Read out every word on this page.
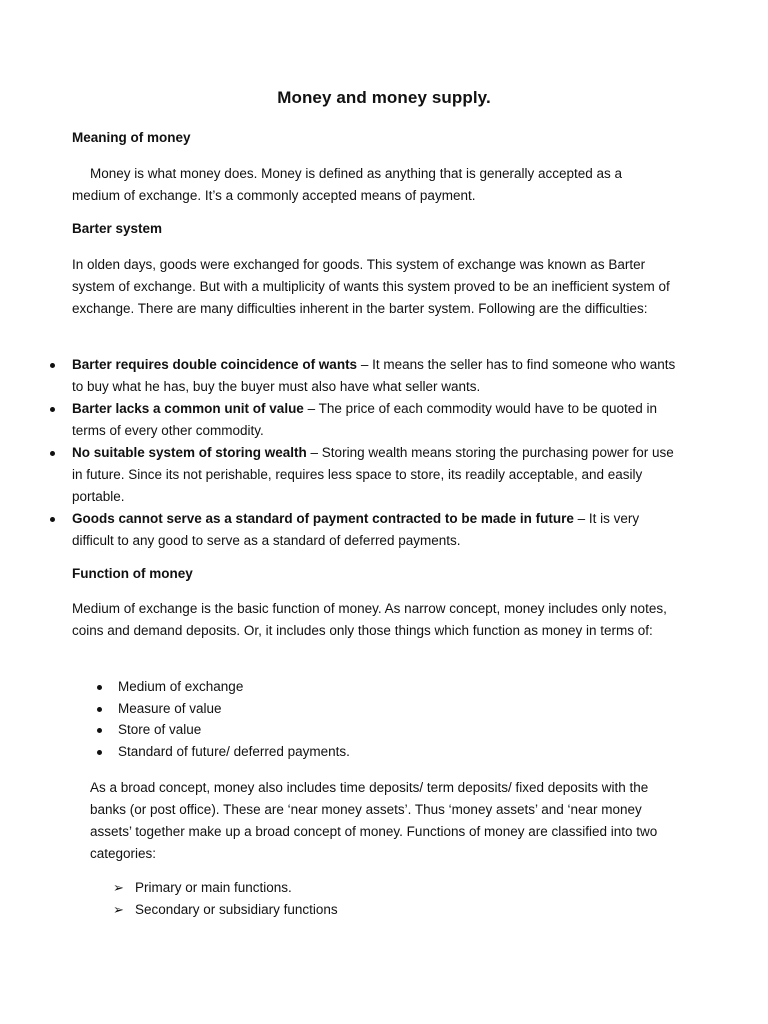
Money and money supply.
Meaning of money

Money is what money does. Money is defined as anything that is generally accepted as a medium of exchange. It’s a commonly accepted means of payment.

Barter system

In olden days, goods were exchanged for goods. This system of exchange was known as Barter system of exchange. But with a multiplicity of wants this system proved to be an inefficient system of exchange. There are many difficulties inherent in the barter system. Following are the difficulties:

Barter requires double coincidence of wants – It means the seller has to find someone who wants to buy what he has, buy the buyer must also have what seller wants.
Barter lacks a common unit of value – The price of each commodity would have to be quoted in terms of every other commodity.
No suitable system of storing wealth – Storing wealth means storing the purchasing power for use in future. Since its not perishable, requires less space to store, its readily acceptable, and easily portable.
Goods cannot serve as a standard of payment contracted to be made in future – It is very difficult to any good to serve as a standard of deferred payments.
Function of money

Medium of exchange is the basic function of money. As narrow concept, money includes only notes, coins and demand deposits. Or, it includes only those things which function as money in terms of:

Medium of exchange
Measure of value
Store of value
Standard of future/ deferred payments.

As a broad concept, money also includes time deposits/ term deposits/ fixed deposits with the banks (or post office). These are ‘near money assets’. Thus ‘money assets’ and ‘near money assets’ together make up a broad concept of money. Functions of money are classified into two categories:

➢ Primary or main functions.
➢ Secondary or subsidiary functions
